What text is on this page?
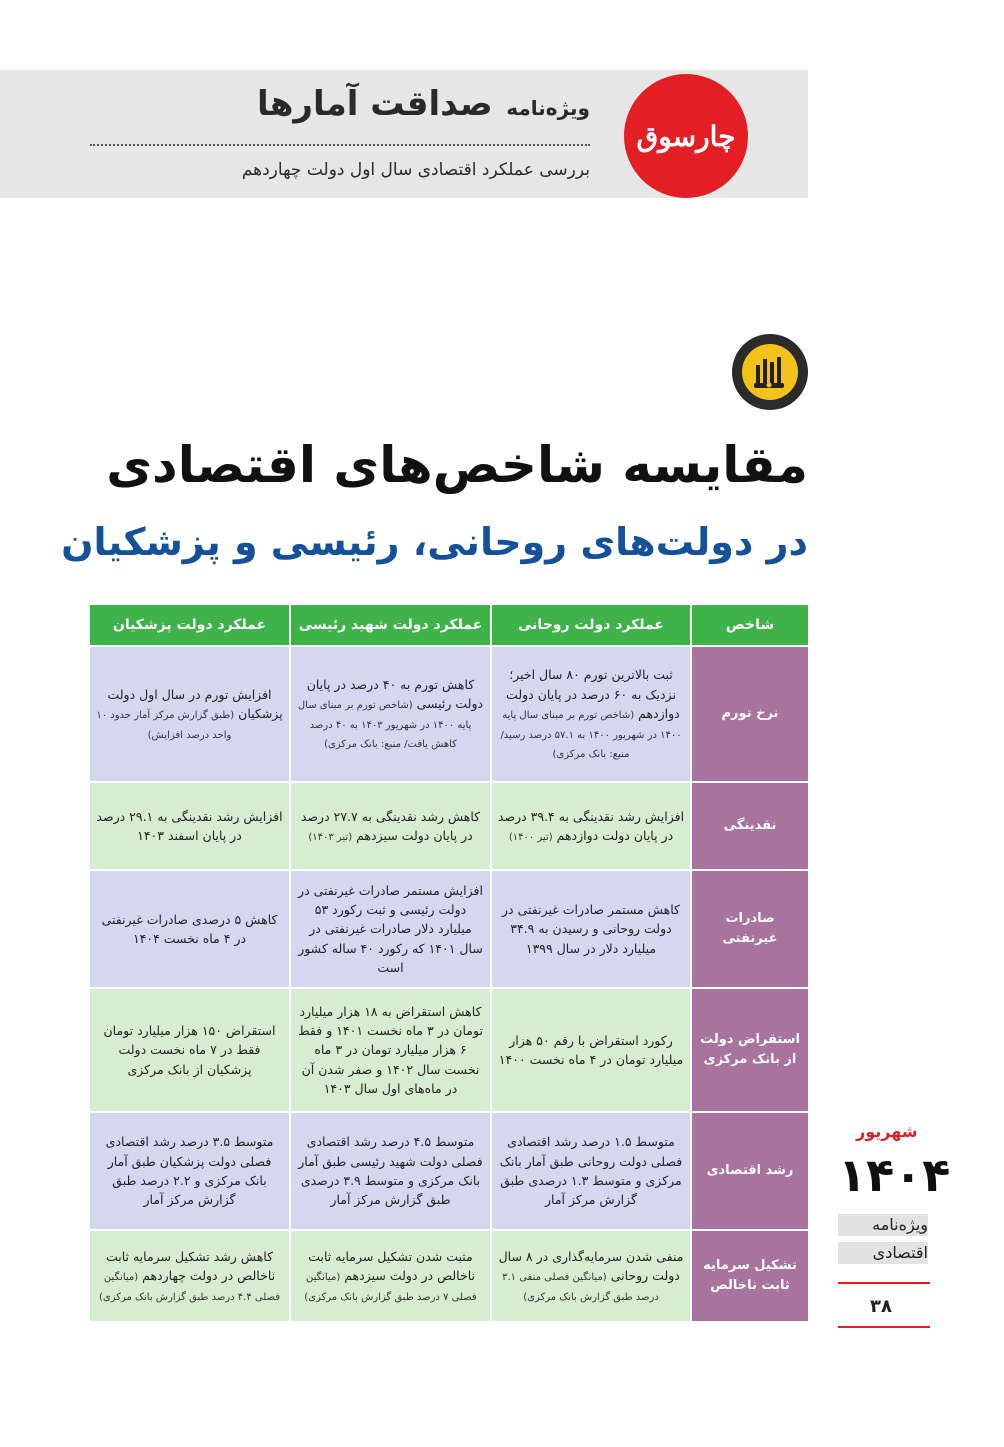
چارسوق
ویژه‌نامه صداقت آمارها
بررسی عملکرد اقتصادی سال اول دولت چهاردهم
مقایسه شاخص‌های اقتصادی
در دولت‌های روحانی، رئیسی و پزشکیان
شاخص	عملکرد دولت روحانی	عملکرد دولت شهید رئیسی	عملکرد دولت پزشکیان
نرخ تورم	ثبت بالاترین تورم ۸۰ سال اخیر؛ نزدیک به ۶۰ درصد در پایان دولت دوازدهم (شاخص تورم بر مبنای سال پایه ۱۴۰۰ در شهریور ۱۴۰۰ به ۵۷.۱ درصد رسید/منبع: بانک مرکزی)	کاهش تورم به ۴۰ درصد در پایان دولت رئیسی (شاخص تورم بر مبنای سال پایه ۱۴۰۰ در شهریور ۱۴۰۳ به ۴۰ درصد کاهش یافت/ منبع: بانک مرکزی)	افزایش تورم در سال اول دولت پزشکیان (طبق گزارش مرکز آمار حدود ۱۰ واحد درصد افزایش)
نقدینگی	افزایش رشد نقدینگی به ۳۹.۴ درصد در پایان دولت دوازدهم (تیر ۱۴۰۰)	کاهش رشد نقدینگی به ۲۷.۷ درصد در پایان دولت سیزدهم (تیر ۱۴۰۳)	افزایش رشد نقدینگی به ۲۹.۱ درصد در پایان اسفند ۱۴۰۳
صادرات غیرنفتی	کاهش مستمر صادرات غیرنفتی در دولت روحانی و رسیدن به ۳۴.۹ میلیارد دلار در سال ۱۳۹۹	افزایش مستمر صادرات غیرنفتی در دولت رئیسی و ثبت رکورد ۵۳ میلیارد دلار صادرات غیرنفتی در سال ۱۴۰۱ که رکورد ۴۰ ساله کشور است	کاهش ۵ درصدی صادرات غیرنفتی در ۴ ماه نخست ۱۴۰۴
استقراض دولت از بانک مرکزی	رکورد استقراض با رقم ۵۰ هزار میلیارد تومان در ۴ ماه نخست ۱۴۰۰	کاهش استقراض به ۱۸ هزار میلیارد تومان در ۳ ماه نخست ۱۴۰۱ و فقط ۶ هزار میلیارد تومان در ۳ ماه نخست سال ۱۴۰۲ و صفر شدن آن در ماه‌های اول سال ۱۴۰۳	استقراض ۱۵۰ هزار میلیارد تومان فقط در ۷ ماه نخست دولت پزشکیان از بانک مرکزی
رشد اقتصادی	متوسط ۱.۵ درصد رشد اقتصادی فصلی دولت روحانی طبق آمار بانک مرکزی و متوسط ۱.۳ درصدی طبق گزارش مرکز آمار	متوسط ۴.۵ درصد رشد اقتصادی فصلی دولت شهید رئیسی طبق آمار بانک مرکزی و متوسط ۳.۹ درصدی طبق گزارش مرکز آمار	متوسط ۳.۵ درصد رشد اقتصادی فصلی دولت پزشکیان طبق آمار بانک مرکزی و ۲.۲ درصد طبق گزارش مرکز آمار
تشکیل سرمایه ثابت ناخالص	منفی شدن سرمایه‌گذاری در ۸ سال دولت روحانی (میانگین فصلی منفی ۳.۱ درصد طبق گزارش بانک مرکزی)	مثبت شدن تشکیل سرمایه ثابت ناخالص در دولت سیزدهم (میانگین فصلی ۷ درصد طبق گزارش بانک مرکزی)	کاهش رشد تشکیل سرمایه ثابت ناخالص در دولت چهاردهم (میانگین فصلی ۴.۴ درصد طبق گزارش بانک مرکزی)
شهریور
۱۴۰۴
ویژه‌نامه
اقتصادی
۳۸
